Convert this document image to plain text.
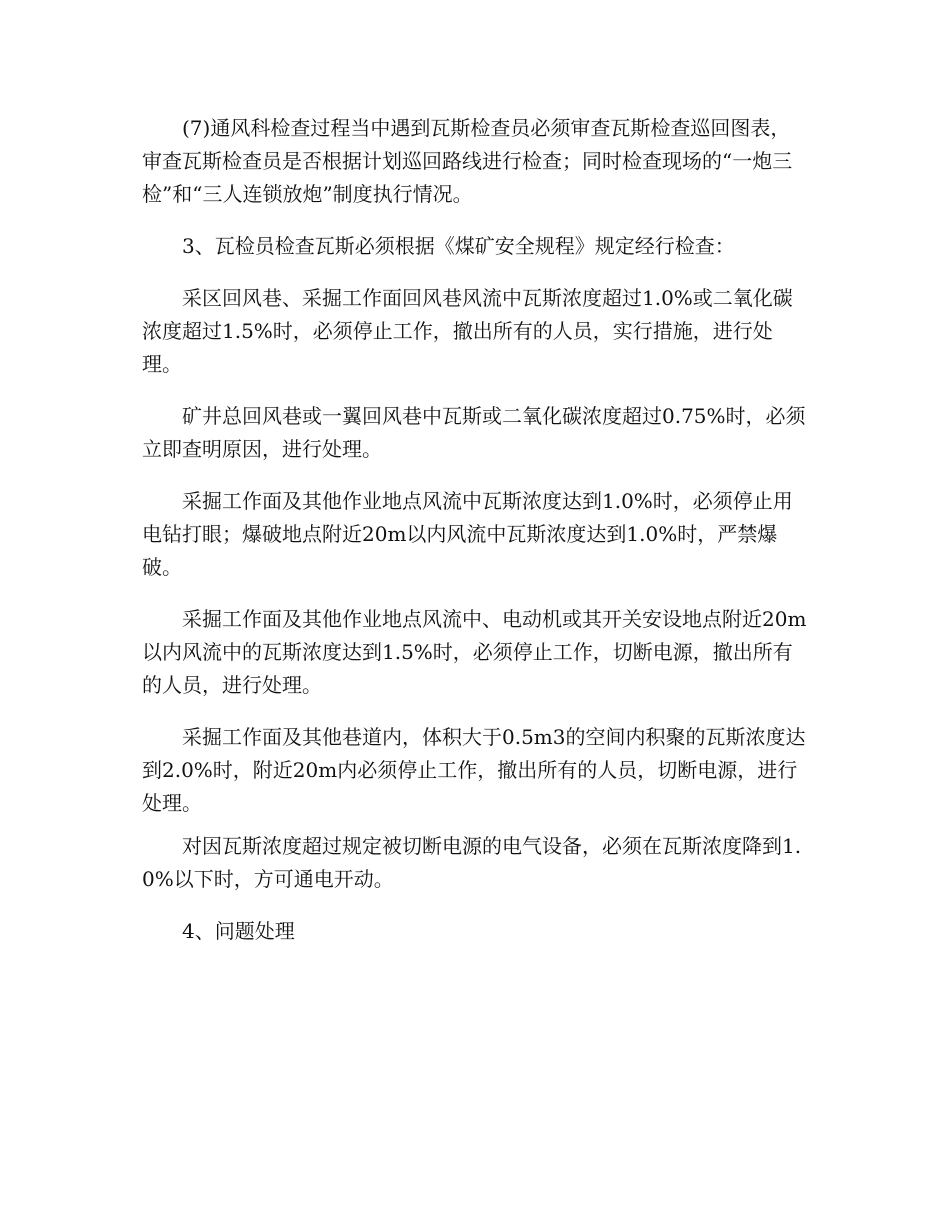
(7)通风科检查过程当中遇到瓦斯检查员必须审查瓦斯检查巡回图表，审查瓦斯检查员是否根据计划巡回路线进行检查；同时检查现场的“一炮三检”和“三人连锁放炮”制度执行情况。

3、瓦检员检查瓦斯必须根据《煤矿安全规程》规定经行检查：

采区回风巷、采掘工作面回风巷风流中瓦斯浓度超过1.0%或二氧化碳浓度超过1.5%时，必须停止工作，撤出所有的人员，实行措施，进行处理。

矿井总回风巷或一翼回风巷中瓦斯或二氧化碳浓度超过0.75%时，必须立即查明原因，进行处理。

采掘工作面及其他作业地点风流中瓦斯浓度达到1.0%时，必须停止用电钻打眼；爆破地点附近20m以内风流中瓦斯浓度达到1.0%时，严禁爆破。

采掘工作面及其他作业地点风流中、电动机或其开关安设地点附近20m以内风流中的瓦斯浓度达到1.5%时，必须停止工作，切断电源，撤出所有的人员，进行处理。

采掘工作面及其他巷道内，体积大于0.5m3的空间内积聚的瓦斯浓度达到2.0%时，附近20m内必须停止工作，撤出所有的人员，切断电源，进行处理。

对因瓦斯浓度超过规定被切断电源的电气设备，必须在瓦斯浓度降到1.0%以下时，方可通电开动。

4、问题处理
